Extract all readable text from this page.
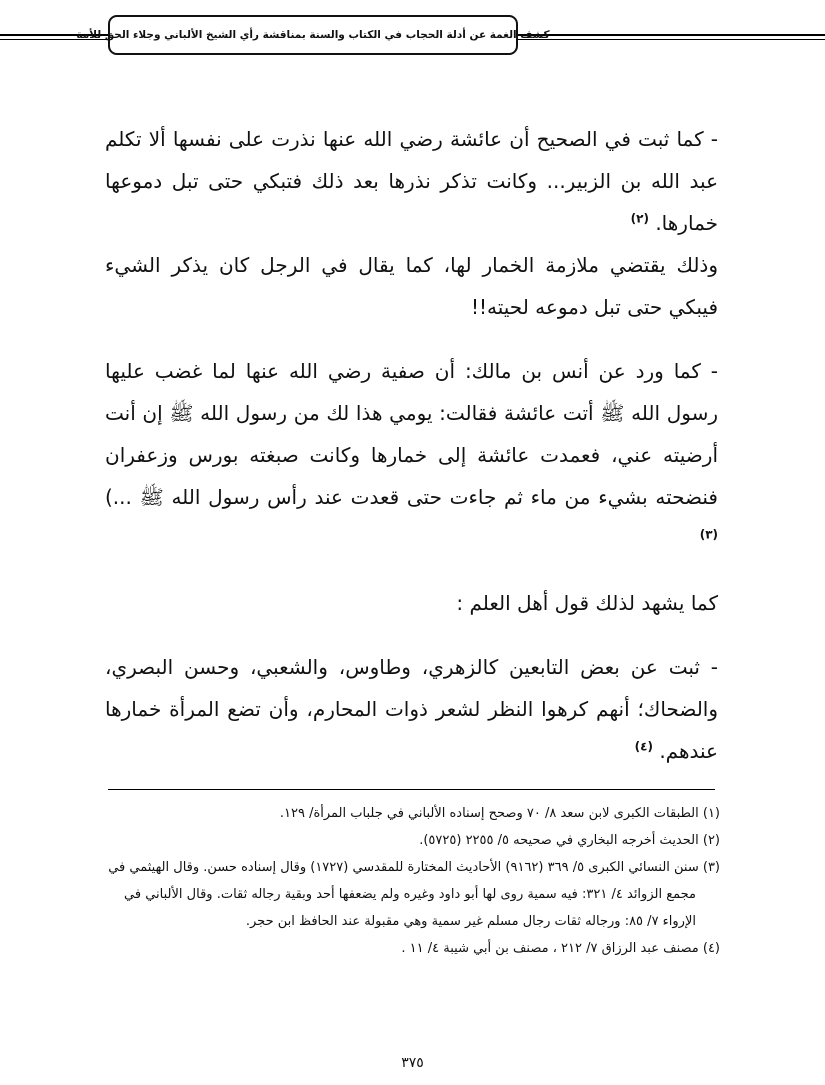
كشف الغمة عن أدلة الحجاب في الكتاب والسنة بمناقشة رأي الشيخ الألباني وجلاء الحق للأمة

- كما ثبت في الصحيح أن عائشة رضي الله عنها نذرت على نفسها ألا تكلم عبد الله بن الزبير... وكانت تذكر نذرها بعد ذلك فتبكي حتى تبل دموعها خمارها. $^{(٢)}$

وذلك يقتضي ملازمة الخمار لها، كما يقال في الرجل كان يذكر الشيء فيبكي حتى تبل دموعه لحيته!!

- كما ورد عن أنس بن مالك: أن صفية رضي الله عنها لما غضب عليها رسول الله ﷺ أتت عائشة فقالت: يومي هذا لك من رسول الله ﷺ إن أنت أرضيته عني، فعمدت عائشة إلى خمارها وكانت صبغته بورس وزعفران فنضحته بشيء من ماء ثم جاءت حتى قعدت عند رأس رسول الله ﷺ ...) $^{(٣)}$

كما يشهد لذلك قول أهل العلم :

- ثبت عن بعض التابعين كالزهري، وطاوس، والشعبي، وحسن البصري، والضحاك؛ أنهم كرهوا النظر لشعر ذوات المحارم، وأن تضع المرأة خمارها عندهم. $^{(٤)}$

(١) الطبقات الكبرى لابن سعد ٨/ ٧٠ وصحح إسناده الألباني في جلباب المرأة/ ١٢٩.

(٢) الحديث أخرجه البخاري في صحيحه ٥/ ٢٢٥٥ (٥٧٢٥).

(٣) سنن النسائي الكبرى ٥/ ٣٦٩ (٩١٦٢) الأحاديث المختارة للمقدسي (١٧٢٧) وقال إسناده حسن. وقال الهيثمي في مجمع الزوائد ٤/ ٣٢١: فيه سمية روى لها أبو داود وغيره ولم يضعفها أحد وبقية رجاله ثقات. وقال الألباني في الإرواء ٧/ ٨٥: ورجاله ثقات رجال مسلم غير سمية وهي مقبولة عند الحافظ ابن حجر.

(٤) مصنف عبد الرزاق ٧/ ٢١٢ ، مصنف بن أبي شيبة ٤/ ١١ .

٣٧٥
